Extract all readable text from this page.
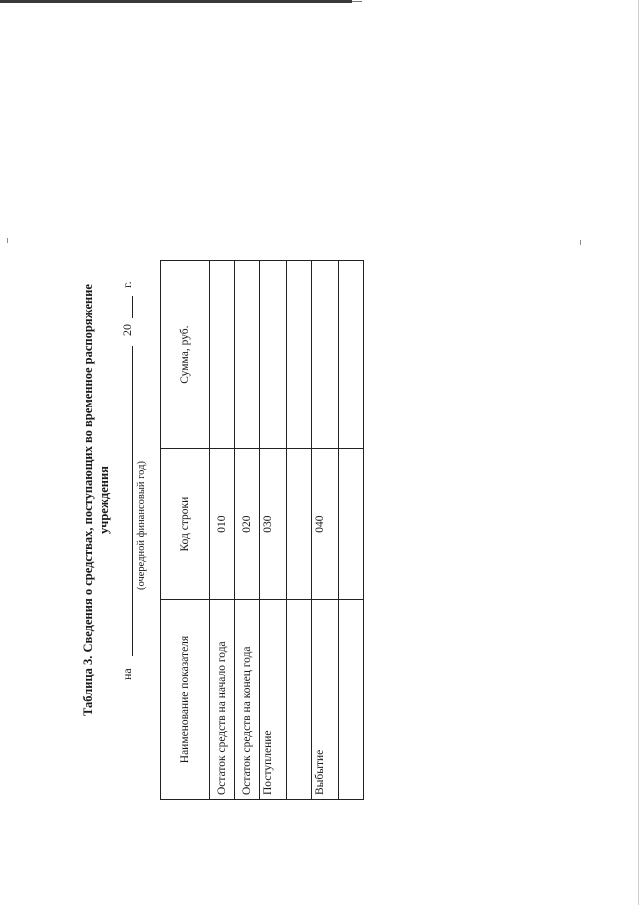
Таблица 3. Сведения о средствах, поступающих во временное распоряжение учреждения
на
(очередной финансовый год)
20
г.
Наименование показателя	Код строки	Сумма, руб.
Остаток средств на начало года	010	
Остаток средств на конец года	020	
Поступление	030	

Выбытие	040	
